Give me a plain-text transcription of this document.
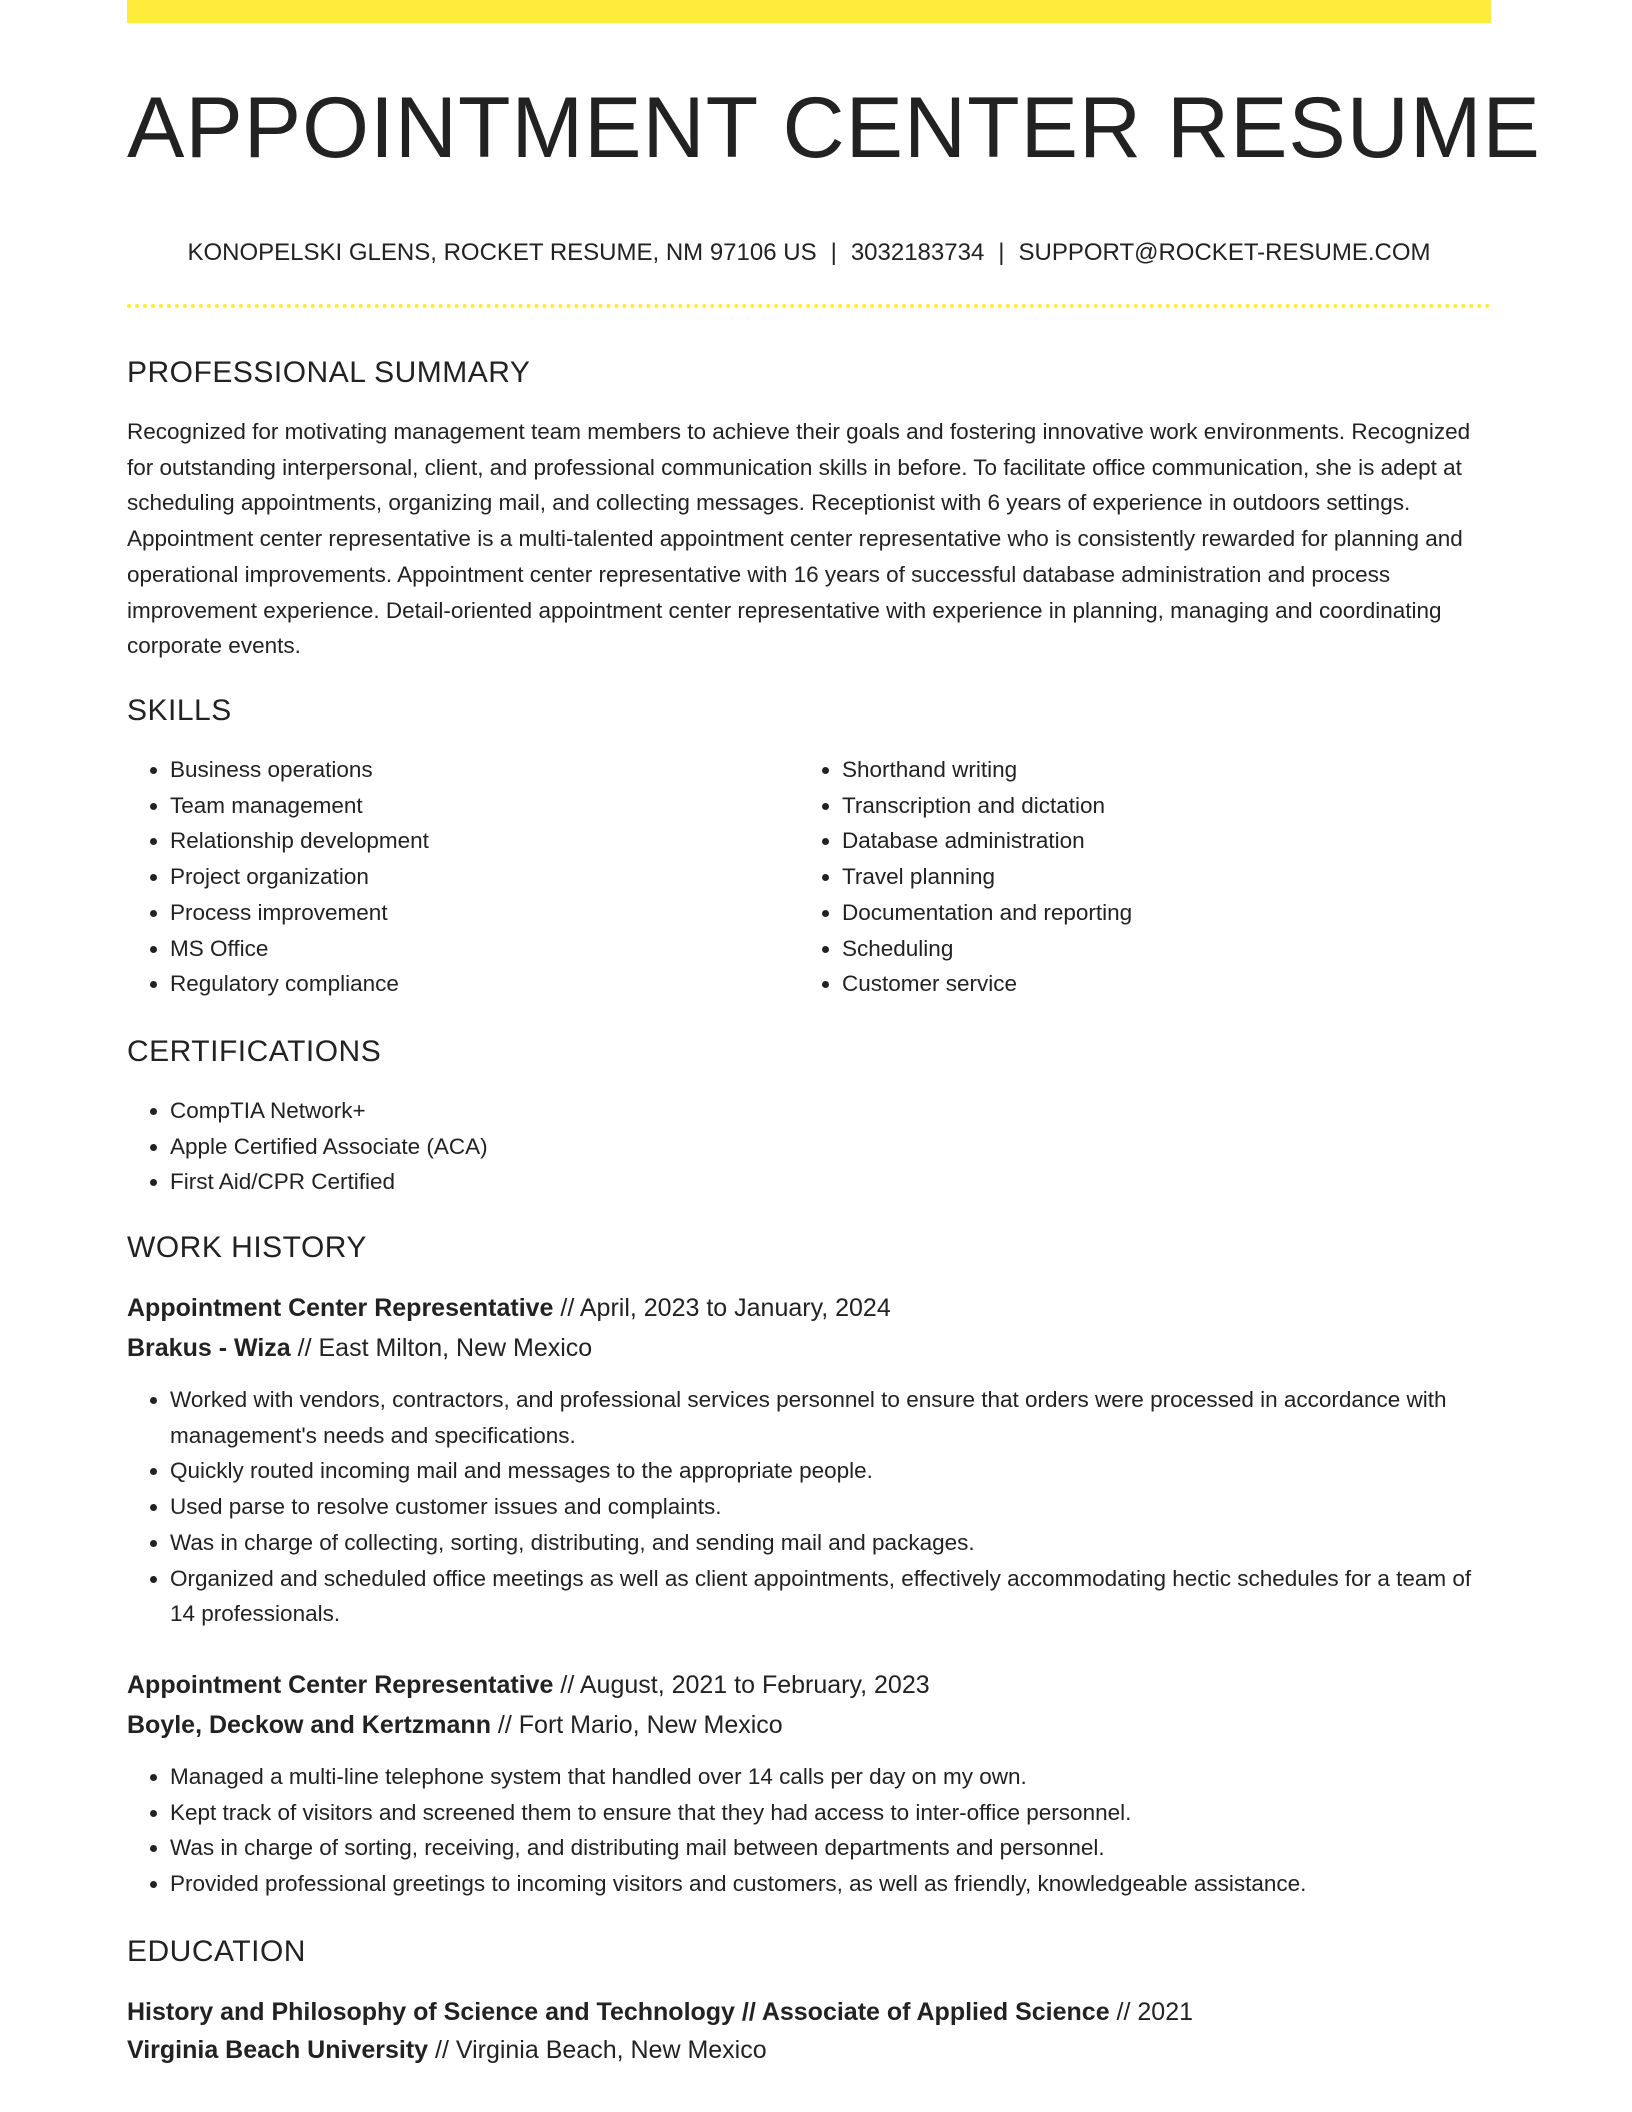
APPOINTMENT CENTER RESUME
KONOPELSKI GLENS, ROCKET RESUME, NM 97106 US | 3032183734 | SUPPORT@ROCKET-RESUME.COM
PROFESSIONAL SUMMARY
Recognized for motivating management team members to achieve their goals and fostering innovative work environments. Recognized for outstanding interpersonal, client, and professional communication skills in before. To facilitate office communication, she is adept at scheduling appointments, organizing mail, and collecting messages. Receptionist with 6 years of experience in outdoors settings. Appointment center representative is a multi-talented appointment center representative who is consistently rewarded for planning and operational improvements. Appointment center representative with 16 years of successful database administration and process improvement experience. Detail-oriented appointment center representative with experience in planning, managing and coordinating corporate events.
SKILLS
• Business operations
• Team management
• Relationship development
• Project organization
• Process improvement
• MS Office
• Regulatory compliance
• Shorthand writing
• Transcription and dictation
• Database administration
• Travel planning
• Documentation and reporting
• Scheduling
• Customer service
CERTIFICATIONS
• CompTIA Network+
• Apple Certified Associate (ACA)
• First Aid/CPR Certified
WORK HISTORY
Appointment Center Representative // April, 2023 to January, 2024
Brakus - Wiza // East Milton, New Mexico
• Worked with vendors, contractors, and professional services personnel to ensure that orders were processed in accordance with management's needs and specifications.
• Quickly routed incoming mail and messages to the appropriate people.
• Used parse to resolve customer issues and complaints.
• Was in charge of collecting, sorting, distributing, and sending mail and packages.
• Organized and scheduled office meetings as well as client appointments, effectively accommodating hectic schedules for a team of 14 professionals.
Appointment Center Representative // August, 2021 to February, 2023
Boyle, Deckow and Kertzmann // Fort Mario, New Mexico
• Managed a multi-line telephone system that handled over 14 calls per day on my own.
• Kept track of visitors and screened them to ensure that they had access to inter-office personnel.
• Was in charge of sorting, receiving, and distributing mail between departments and personnel.
• Provided professional greetings to incoming visitors and customers, as well as friendly, knowledgeable assistance.
EDUCATION
History and Philosophy of Science and Technology // Associate of Applied Science // 2021
Virginia Beach University // Virginia Beach, New Mexico
